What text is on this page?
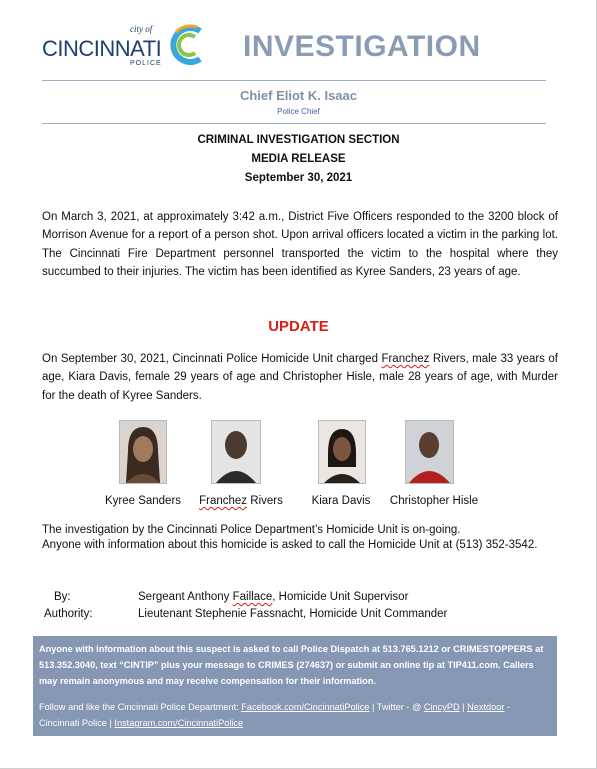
city of
CINCINNATI
POLICE
INVESTIGATION
Chief Eliot K. Isaac
Police Chief
CRIMINAL INVESTIGATION SECTION
MEDIA RELEASE
September 30, 2021
On March 3, 2021, at approximately 3:42 a.m., District Five Officers responded to the 3200 block of Morrison Avenue for a report of a person shot. Upon arrival officers located a victim in the parking lot. The Cincinnati Fire Department personnel transported the victim to the hospital where they succumbed to their injuries. The victim has been identified as Kyree Sanders, 23 years of age.
UPDATE
On September 30, 2021, Cincinnati Police Homicide Unit charged Franchez Rivers, male 33 years of age, Kiara Davis, female 29 years of age and Christopher Hisle, male 28 years of age, with Murder for the death of Kyree Sanders.
Kyree Sanders	Franchez Rivers	Kiara Davis	Christopher Hisle
The investigation by the Cincinnati Police Department’s Homicide Unit is on-going.
Anyone with information about this homicide is asked to call the Homicide Unit at (513) 352-3542.
By:	Sergeant Anthony Faillace, Homicide Unit Supervisor
Authority:	Lieutenant Stephenie Fassnacht, Homicide Unit Commander
Anyone with information about this suspect is asked to call Police Dispatch at 513.765.1212 or CRIMESTOPPERS at 513.352.3040, text “CINTIP” plus your message to CRIMES (274637) or submit an online tip at TIP411.com. Callers may remain anonymous and may receive compensation for their information.
Follow and like the Cincinnati Police Department: Facebook.com/CincinnatiPolice | Twitter - @ CincyPD | Nextdoor - Cincinnati Police | Instagram.com/CincinnatiPolice
